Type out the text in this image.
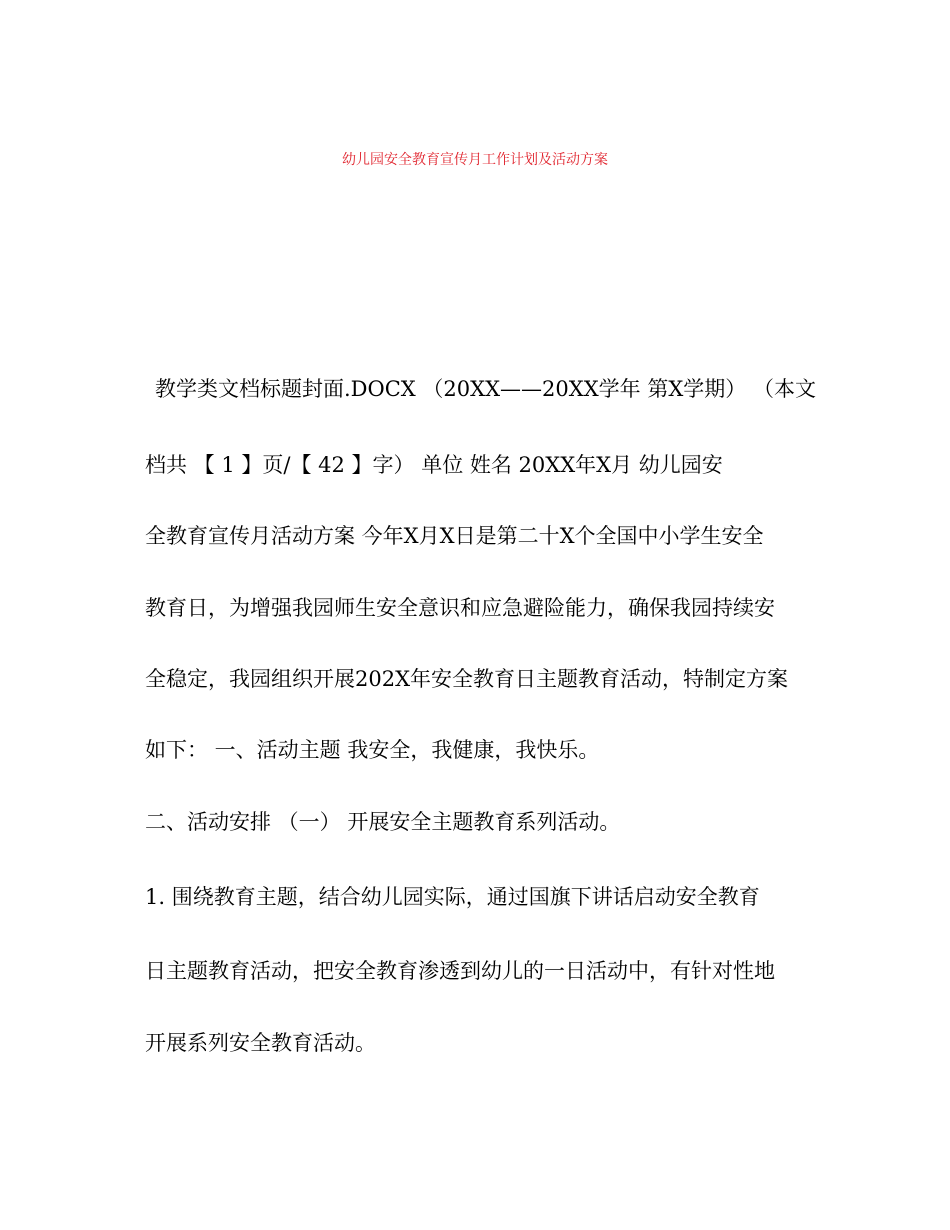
幼儿园安全教育宣传月工作计划及活动方案
教学类文档标题封面.DOCX （20XX——20XX学年 第X学期） （本文
档共 【 1 】页/【 42 】字） 单位 姓名 20XX年X月 幼儿园安
全教育宣传月活动方案 今年X月X日是第二十X个全国中小学生安全
教育日，为增强我园师生安全意识和应急避险能力，确保我园持续安
全稳定，我园组织开展202X年安全教育日主题教育活动，特制定方案
如下： 一、活动主题 我安全，我健康，我快乐。
二、活动安排 （一） 开展安全主题教育系列活动。
1. 围绕教育主题，结合幼儿园实际，通过国旗下讲话启动安全教育
日主题教育活动，把安全教育渗透到幼儿的一日活动中，有针对性地
开展系列安全教育活动。
